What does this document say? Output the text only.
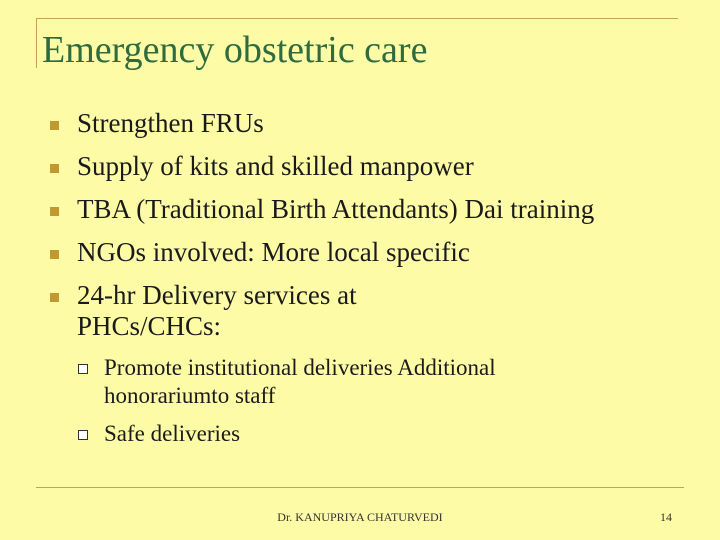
Emergency obstetric care
Strengthen FRUs
Supply of kits and skilled manpower
TBA (Traditional Birth Attendants) Dai training
NGOs involved: More local specific
24-hr Delivery services at PHCs/CHCs:
Promote institutional deliveries Additional honorariumto staff
Safe deliveries
Dr. KANUPRIYA CHATURVEDI	14
